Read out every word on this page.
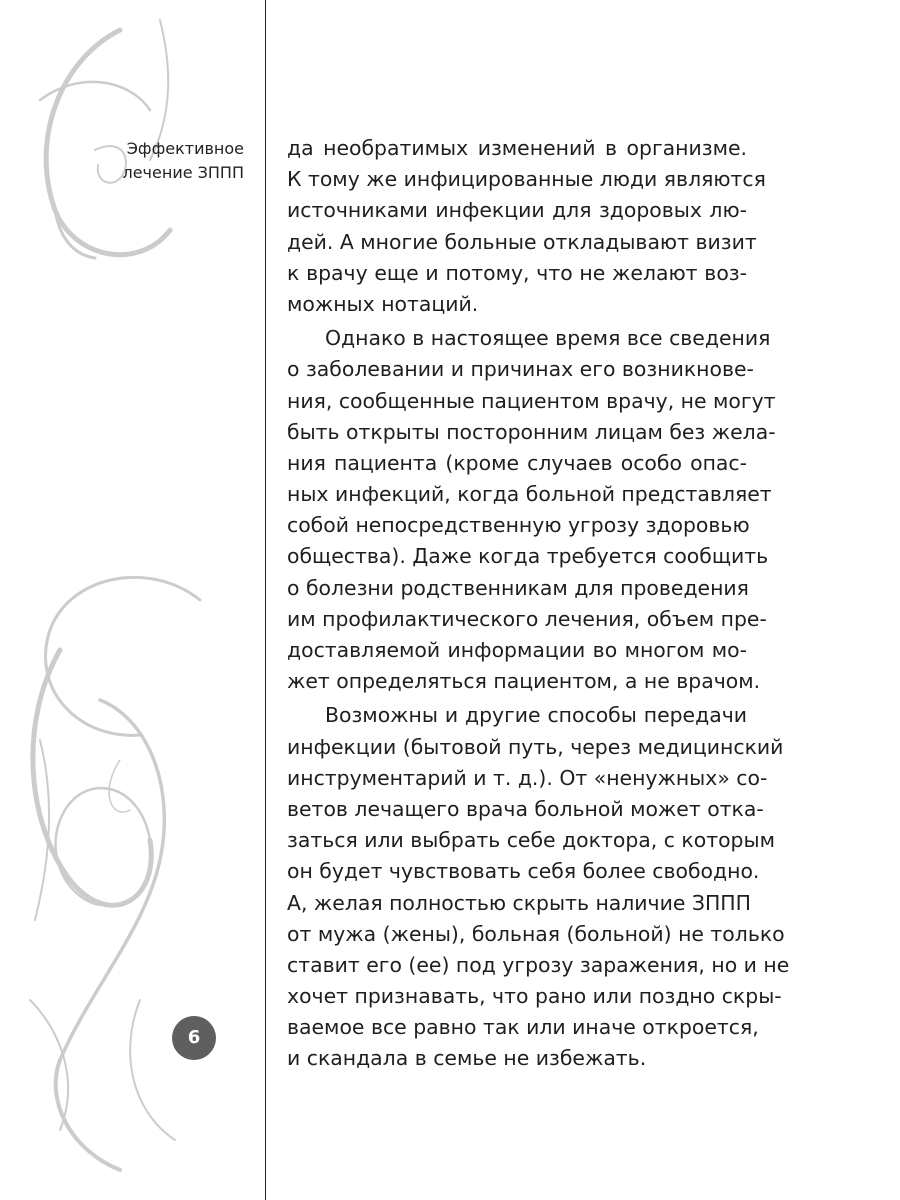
Эффективное
лечение ЗППП
6
да необратимых изменений в организме.
К тому же инфицированные люди являются
источниками инфекции для здоровых лю-
дей. А многие больные откладывают визит
к врачу еще и потому, что не желают воз-
можных нотаций.
Однако в настоящее время все сведения
о заболевании и причинах его возникнове-
ния, сообщенные пациентом врачу, не могут
быть открыты посторонним лицам без жела-
ния пациента (кроме случаев особо опас-
ных инфекций, когда больной представляет
собой непосредственную угрозу здоровью
общества). Даже когда требуется сообщить
о болезни родственникам для проведения
им профилактического лечения, объем пре-
доставляемой информации во многом мо-
жет определяться пациентом, а не врачом.
Возможны и другие способы передачи
инфекции (бытовой путь, через медицинский
инструментарий и т. д.). От «ненужных» со-
ветов лечащего врача больной может отка-
заться или выбрать себе доктора, с которым
он будет чувствовать себя более свободно.
А, желая полностью скрыть наличие ЗППП
от мужа (жены), больная (больной) не только
ставит его (ее) под угрозу заражения, но и не
хочет признавать, что рано или поздно скры-
ваемое все равно так или иначе откроется,
и скандала в семье не избежать.
